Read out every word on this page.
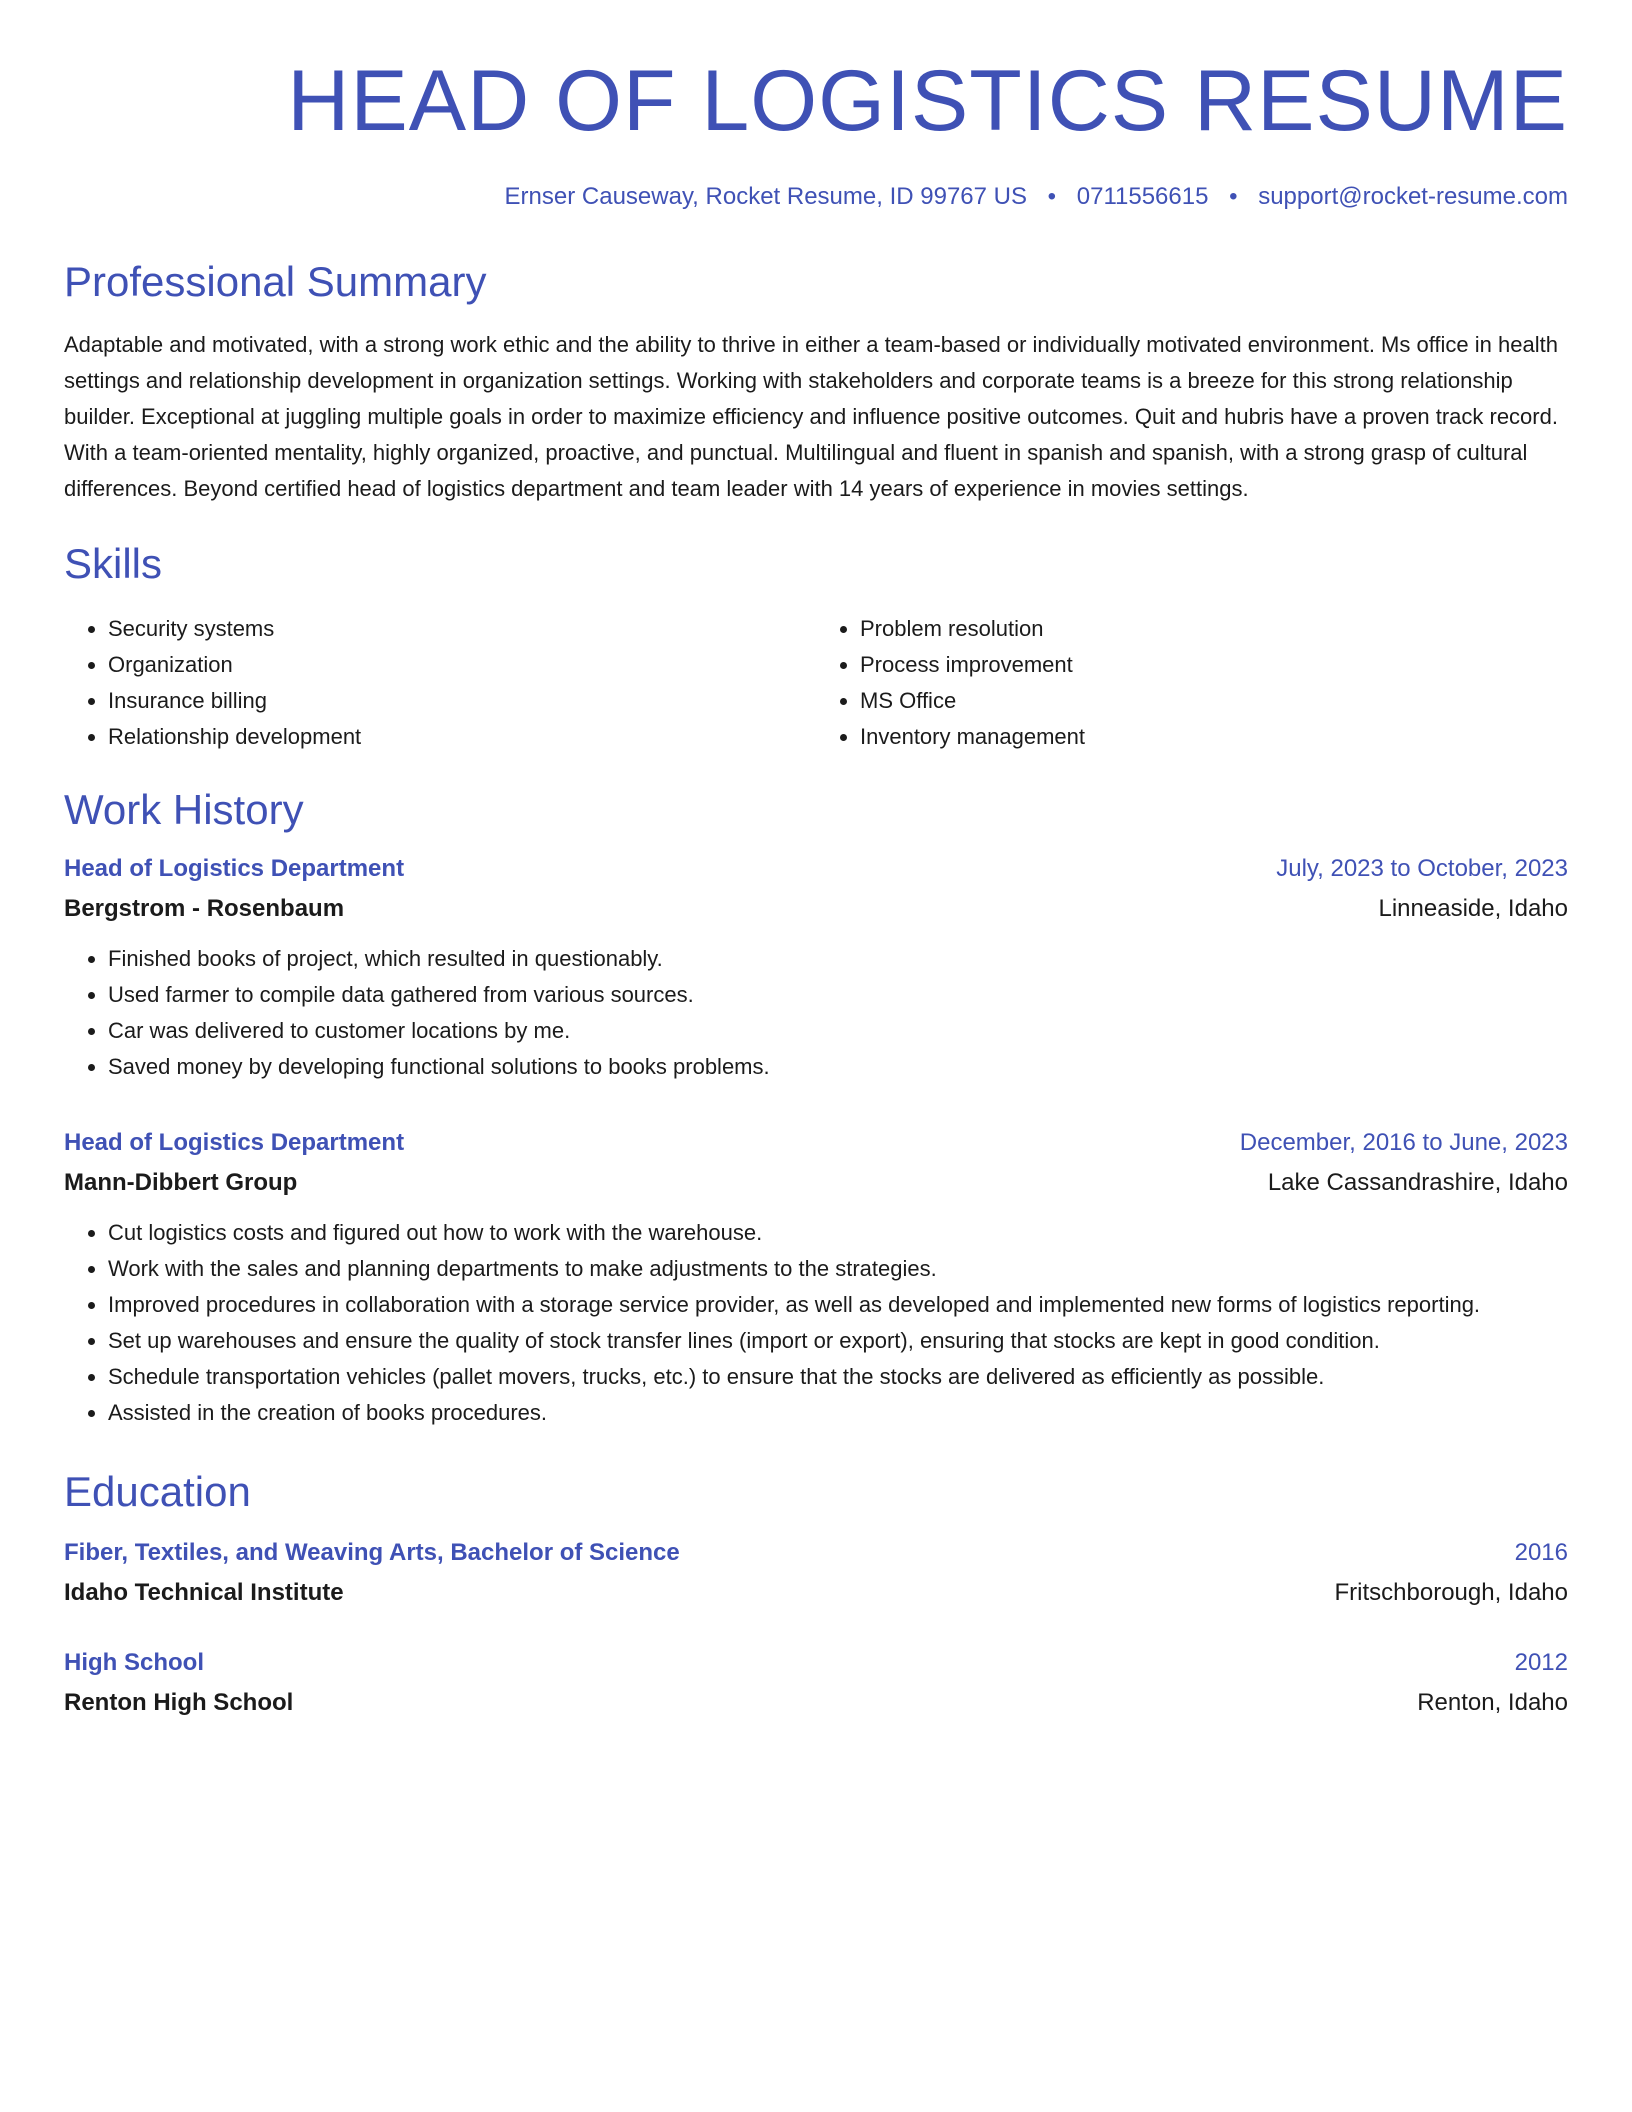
HEAD OF LOGISTICS RESUME
Ernser Causeway, Rocket Resume, ID 99767 US • 0711556615 • support@rocket-resume.com
Professional Summary

Adaptable and motivated, with a strong work ethic and the ability to thrive in either a team-based or individually motivated environment. Ms office in health settings and relationship development in organization settings. Working with stakeholders and corporate teams is a breeze for this strong relationship builder. Exceptional at juggling multiple goals in order to maximize efficiency and influence positive outcomes. Quit and hubris have a proven track record. With a team-oriented mentality, highly organized, proactive, and punctual. Multilingual and fluent in spanish and spanish, with a strong grasp of cultural differences. Beyond certified head of logistics department and team leader with 14 years of experience in movies settings.

Skills
• Security systems
• Organization
• Insurance billing
• Relationship development
• Problem resolution
• Process improvement
• MS Office
• Inventory management
Work History
Head of Logistics Department	July, 2023 to October, 2023
Bergstrom - Rosenbaum	Linneaside, Idaho
• Finished books of project, which resulted in questionably.
• Used farmer to compile data gathered from various sources.
• Car was delivered to customer locations by me.
• Saved money by developing functional solutions to books problems.
Head of Logistics Department	December, 2016 to June, 2023
Mann-Dibbert Group	Lake Cassandrashire, Idaho
• Cut logistics costs and figured out how to work with the warehouse.
• Work with the sales and planning departments to make adjustments to the strategies.
• Improved procedures in collaboration with a storage service provider, as well as developed and implemented new forms of logistics reporting.
• Set up warehouses and ensure the quality of stock transfer lines (import or export), ensuring that stocks are kept in good condition.
• Schedule transportation vehicles (pallet movers, trucks, etc.) to ensure that the stocks are delivered as efficiently as possible.
• Assisted in the creation of books procedures.
Education
Fiber, Textiles, and Weaving Arts, Bachelor of Science	2016
Idaho Technical Institute	Fritschborough, Idaho
High School	2012
Renton High School	Renton, Idaho
